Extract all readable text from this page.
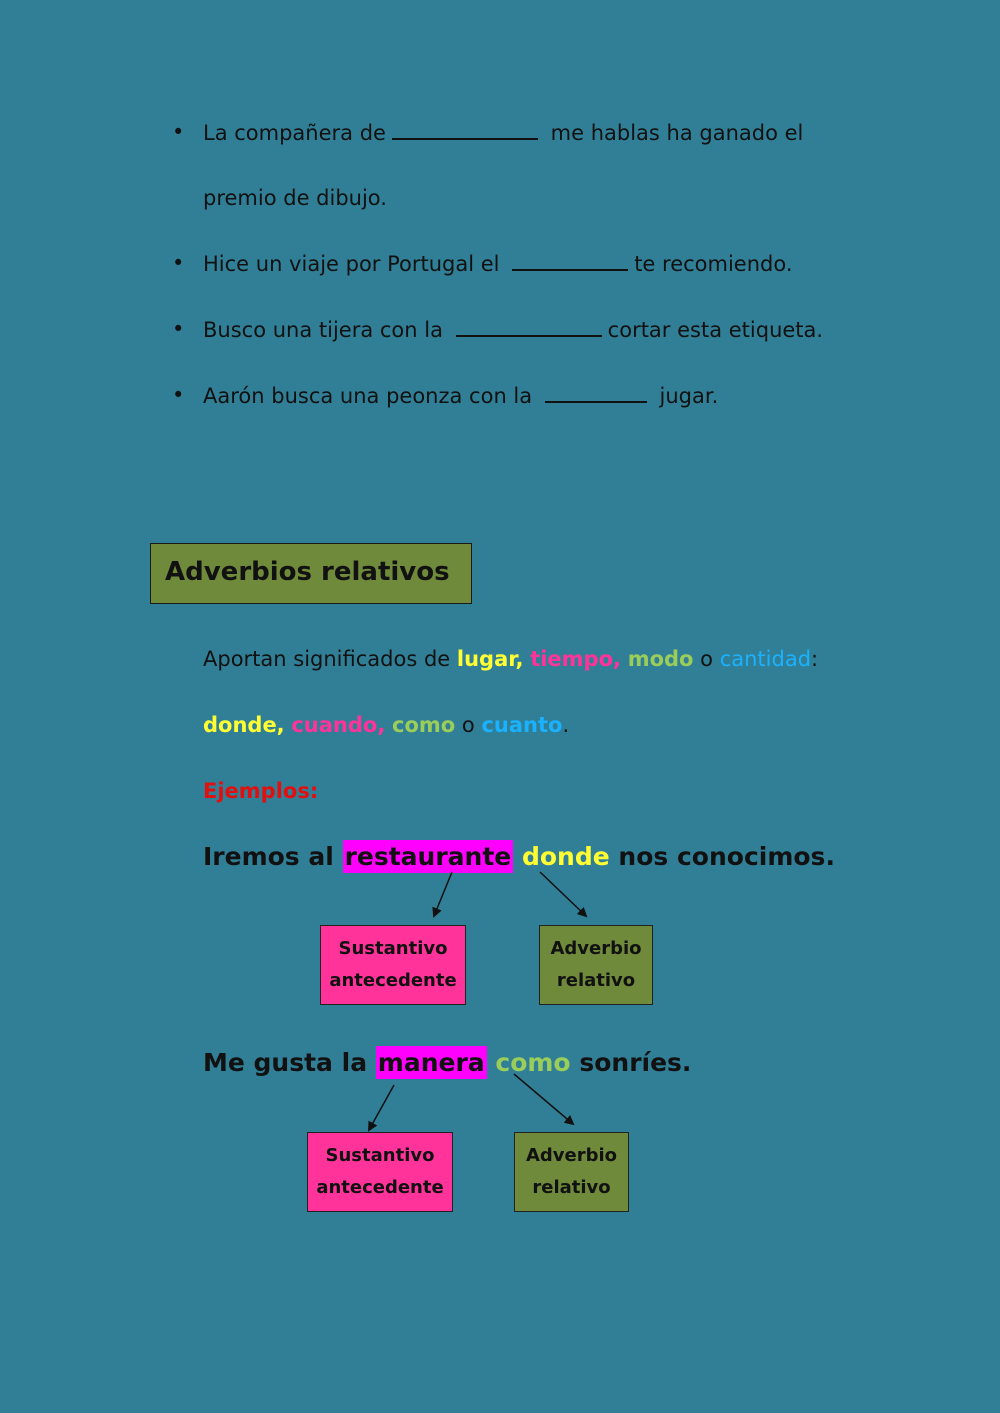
• La compañera de	me hablas ha ganado el
premio de dibujo.
• Hice un viaje por Portugal el	te recomiendo.
• Busco una tijera con la	cortar esta etiqueta.
• Aarón busca una peonza con la	jugar.
Adverbios relativos
Aportan significados de lugar, tiempo, modo o cantidad:
donde, cuando, como o cuanto.
Ejemplos:
Iremos al restaurante donde nos conocimos.
Sustantivo
antecedente
Adverbio
relativo
Me gusta la manera como sonríes.
Sustantivo
antecedente
Adverbio
relativo
